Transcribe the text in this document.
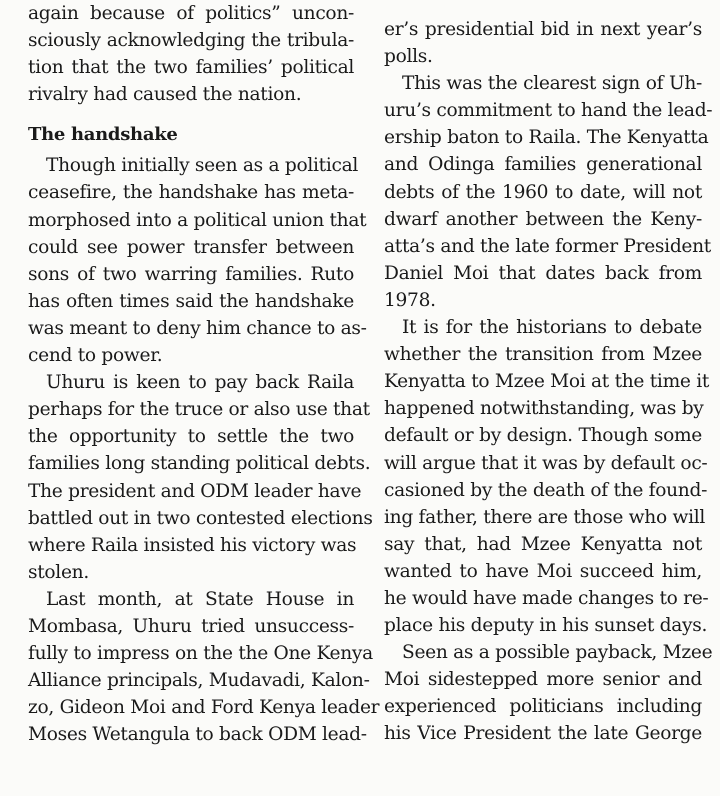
again because of politics” uncon-
sciously acknowledging the tribula-
tion that the two families’ political
rivalry had caused the nation.
The handshake
Though initially seen as a political
ceasefire, the handshake has meta-
morphosed into a political union that
could see power transfer between
sons of two warring families. Ruto
has often times said the handshake
was meant to deny him chance to as-
cend to power.
Uhuru is keen to pay back Raila
perhaps for the truce or also use that
the opportunity to settle the two
families long standing political debts.
The president and ODM leader have
battled out in two contested elections
where Raila insisted his victory was
stolen.
Last month, at State House in
Mombasa, Uhuru tried unsuccess-
fully to impress on the the One Kenya
Alliance principals, Mudavadi, Kalon-
zo, Gideon Moi and Ford Kenya leader
Moses Wetangula to back ODM lead-
er’s presidential bid in next year’s
polls.
This was the clearest sign of Uh-
uru’s commitment to hand the lead-
ership baton to Raila. The Kenyatta
and Odinga families generational
debts of the 1960 to date, will not
dwarf another between the Keny-
atta’s and the late former President
Daniel Moi that dates back from
1978.
It is for the historians to debate
whether the transition from Mzee
Kenyatta to Mzee Moi at the time it
happened notwithstanding, was by
default or by design. Though some
will argue that it was by default oc-
casioned by the death of the found-
ing father, there are those who will
say that, had Mzee Kenyatta not
wanted to have Moi succeed him,
he would have made changes to re-
place his deputy in his sunset days.
Seen as a possible payback, Mzee
Moi sidestepped more senior and
experienced politicians including
his Vice President the late George
